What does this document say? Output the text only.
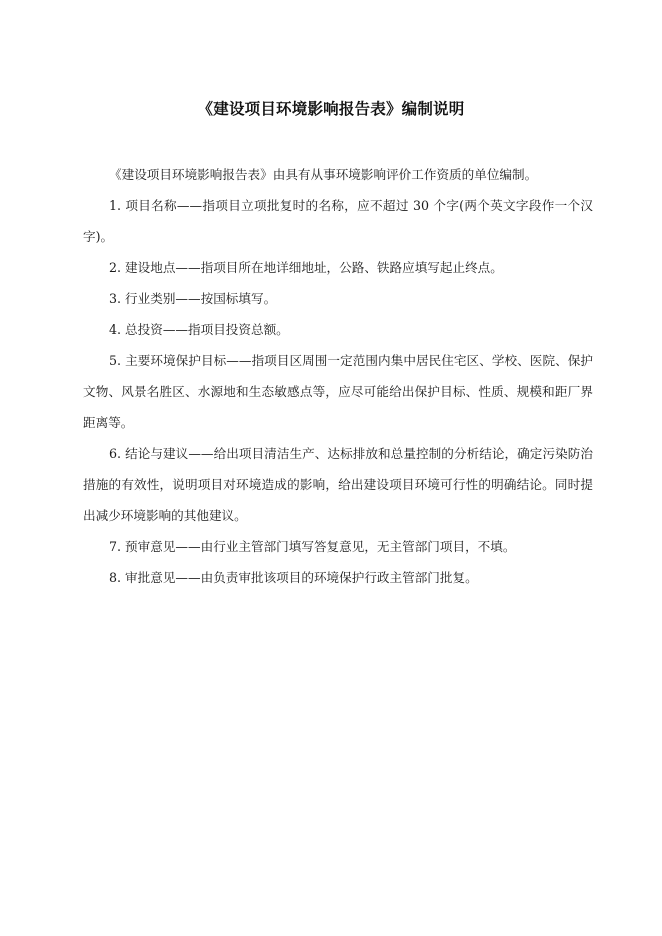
《建设项目环境影响报告表》编制说明

《建设项目环境影响报告表》由具有从事环境影响评价工作资质的单位编制。

1. 项目名称——指项目立项批复时的名称，应不超过 30 个字(两个英文字段作一个汉字)。

2. 建设地点——指项目所在地详细地址，公路、铁路应填写起止终点。

3. 行业类别——按国标填写。

4. 总投资——指项目投资总额。

5. 主要环境保护目标——指项目区周围一定范围内集中居民住宅区、学校、医院、保护文物、风景名胜区、水源地和生态敏感点等，应尽可能给出保护目标、性质、规模和距厂界距离等。

6. 结论与建议——给出项目清洁生产、达标排放和总量控制的分析结论，确定污染防治措施的有效性，说明项目对环境造成的影响，给出建设项目环境可行性的明确结论。同时提出减少环境影响的其他建议。

7. 预审意见——由行业主管部门填写答复意见，无主管部门项目，不填。

8. 审批意见——由负责审批该项目的环境保护行政主管部门批复。
